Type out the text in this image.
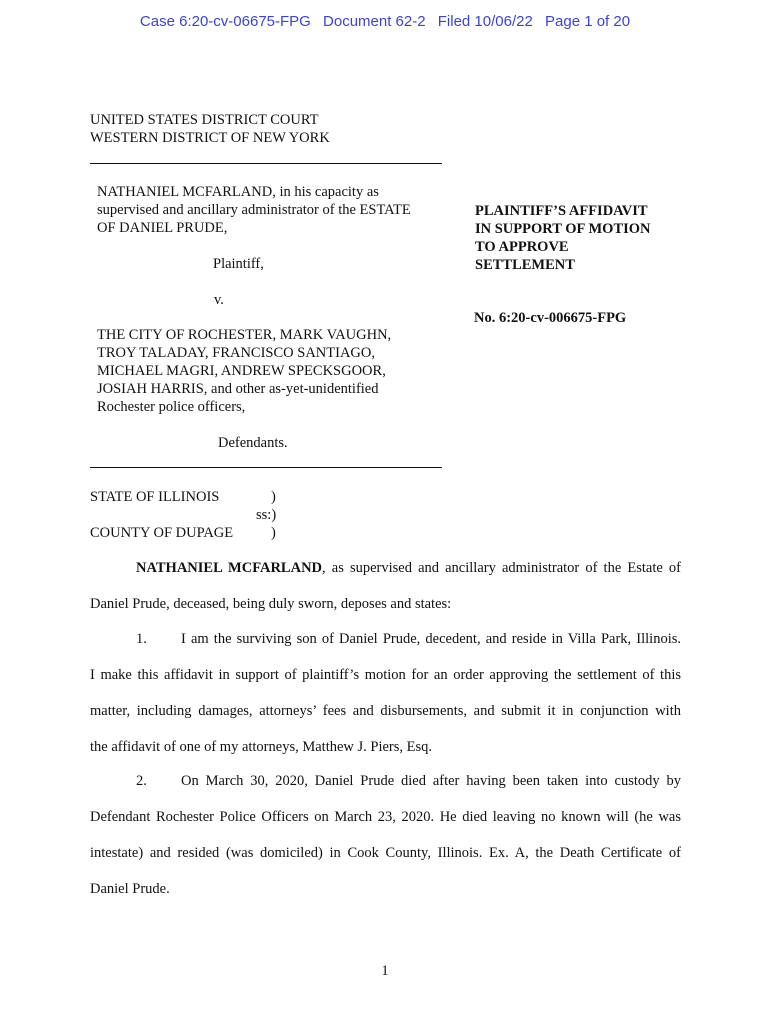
Case 6:20-cv-06675-FPG Document 62-2 Filed 10/06/22 Page 1 of 20
UNITED STATES DISTRICT COURT
WESTERN DISTRICT OF NEW YORK
NATHANIEL MCFARLAND, in his capacity as
supervised and ancillary administrator of the ESTATE
OF DANIEL PRUDE,
Plaintiff,
v.
THE CITY OF ROCHESTER, MARK VAUGHN,
TROY TALADAY, FRANCISCO SANTIAGO,
MICHAEL MAGRI, ANDREW SPECKSGOOR,
JOSIAH HARRIS, and other as-yet-unidentified
Rochester police officers,
Defendants.
PLAINTIFF’S AFFIDAVIT
IN SUPPORT OF MOTION
TO APPROVE
SETTLEMENT
No. 6:20-cv-006675-FPG
STATE OF ILLINOIS	)
ss:)
COUNTY OF DUPAGE	)
NATHANIEL MCFARLAND, as supervised and ancillary administrator of the Estate of
Daniel Prude, deceased, being duly sworn, deposes and states:
1. I am the surviving son of Daniel Prude, decedent, and reside in Villa Park, Illinois.
I make this affidavit in support of plaintiff’s motion for an order approving the settlement of this
matter, including damages, attorneys’ fees and disbursements, and submit it in conjunction with
the affidavit of one of my attorneys, Matthew J. Piers, Esq.
2. On March 30, 2020, Daniel Prude died after having been taken into custody by
Defendant Rochester Police Officers on March 23, 2020. He died leaving no known will (he was
intestate) and resided (was domiciled) in Cook County, Illinois. Ex. A, the Death Certificate of
Daniel Prude.
1
